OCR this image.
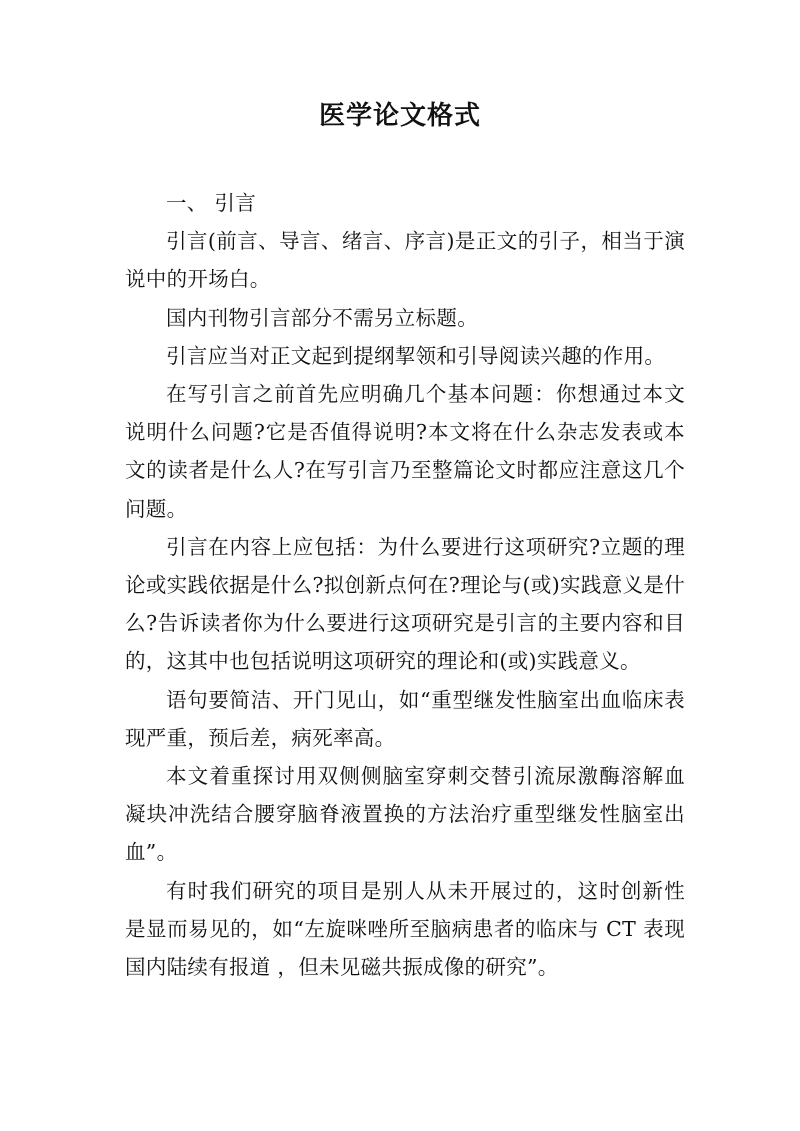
医学论文格式

一、 引言

引言(前言、导言、绪言、序言)是正文的引子，相当于演说中的开场白。

国内刊物引言部分不需另立标题。

引言应当对正文起到提纲挈领和引导阅读兴趣的作用。

在写引言之前首先应明确几个基本问题：你想通过本文说明什么问题?它是否值得说明?本文将在什么杂志发表或本文的读者是什么人?在写引言乃至整篇论文时都应注意这几个问题。

引言在内容上应包括：为什么要进行这项研究?立题的理论或实践依据是什么?拟创新点何在?理论与(或)实践意义是什么?告诉读者你为什么要进行这项研究是引言的主要内容和目的，这其中也包括说明这项研究的理论和(或)实践意义。

语句要简洁、开门见山，如“重型继发性脑室出血临床表现严重，预后差，病死率高。

本文着重探讨用双侧侧脑室穿刺交替引流尿激酶溶解血凝块冲洗结合腰穿脑脊液置换的方法治疗重型继发性脑室出血”。

有时我们研究的项目是别人从未开展过的，这时创新性是显而易见的，如“左旋咪唑所至脑病患者的临床与 CT 表现国内陆续有报道 ，但未见磁共振成像的研究”。
